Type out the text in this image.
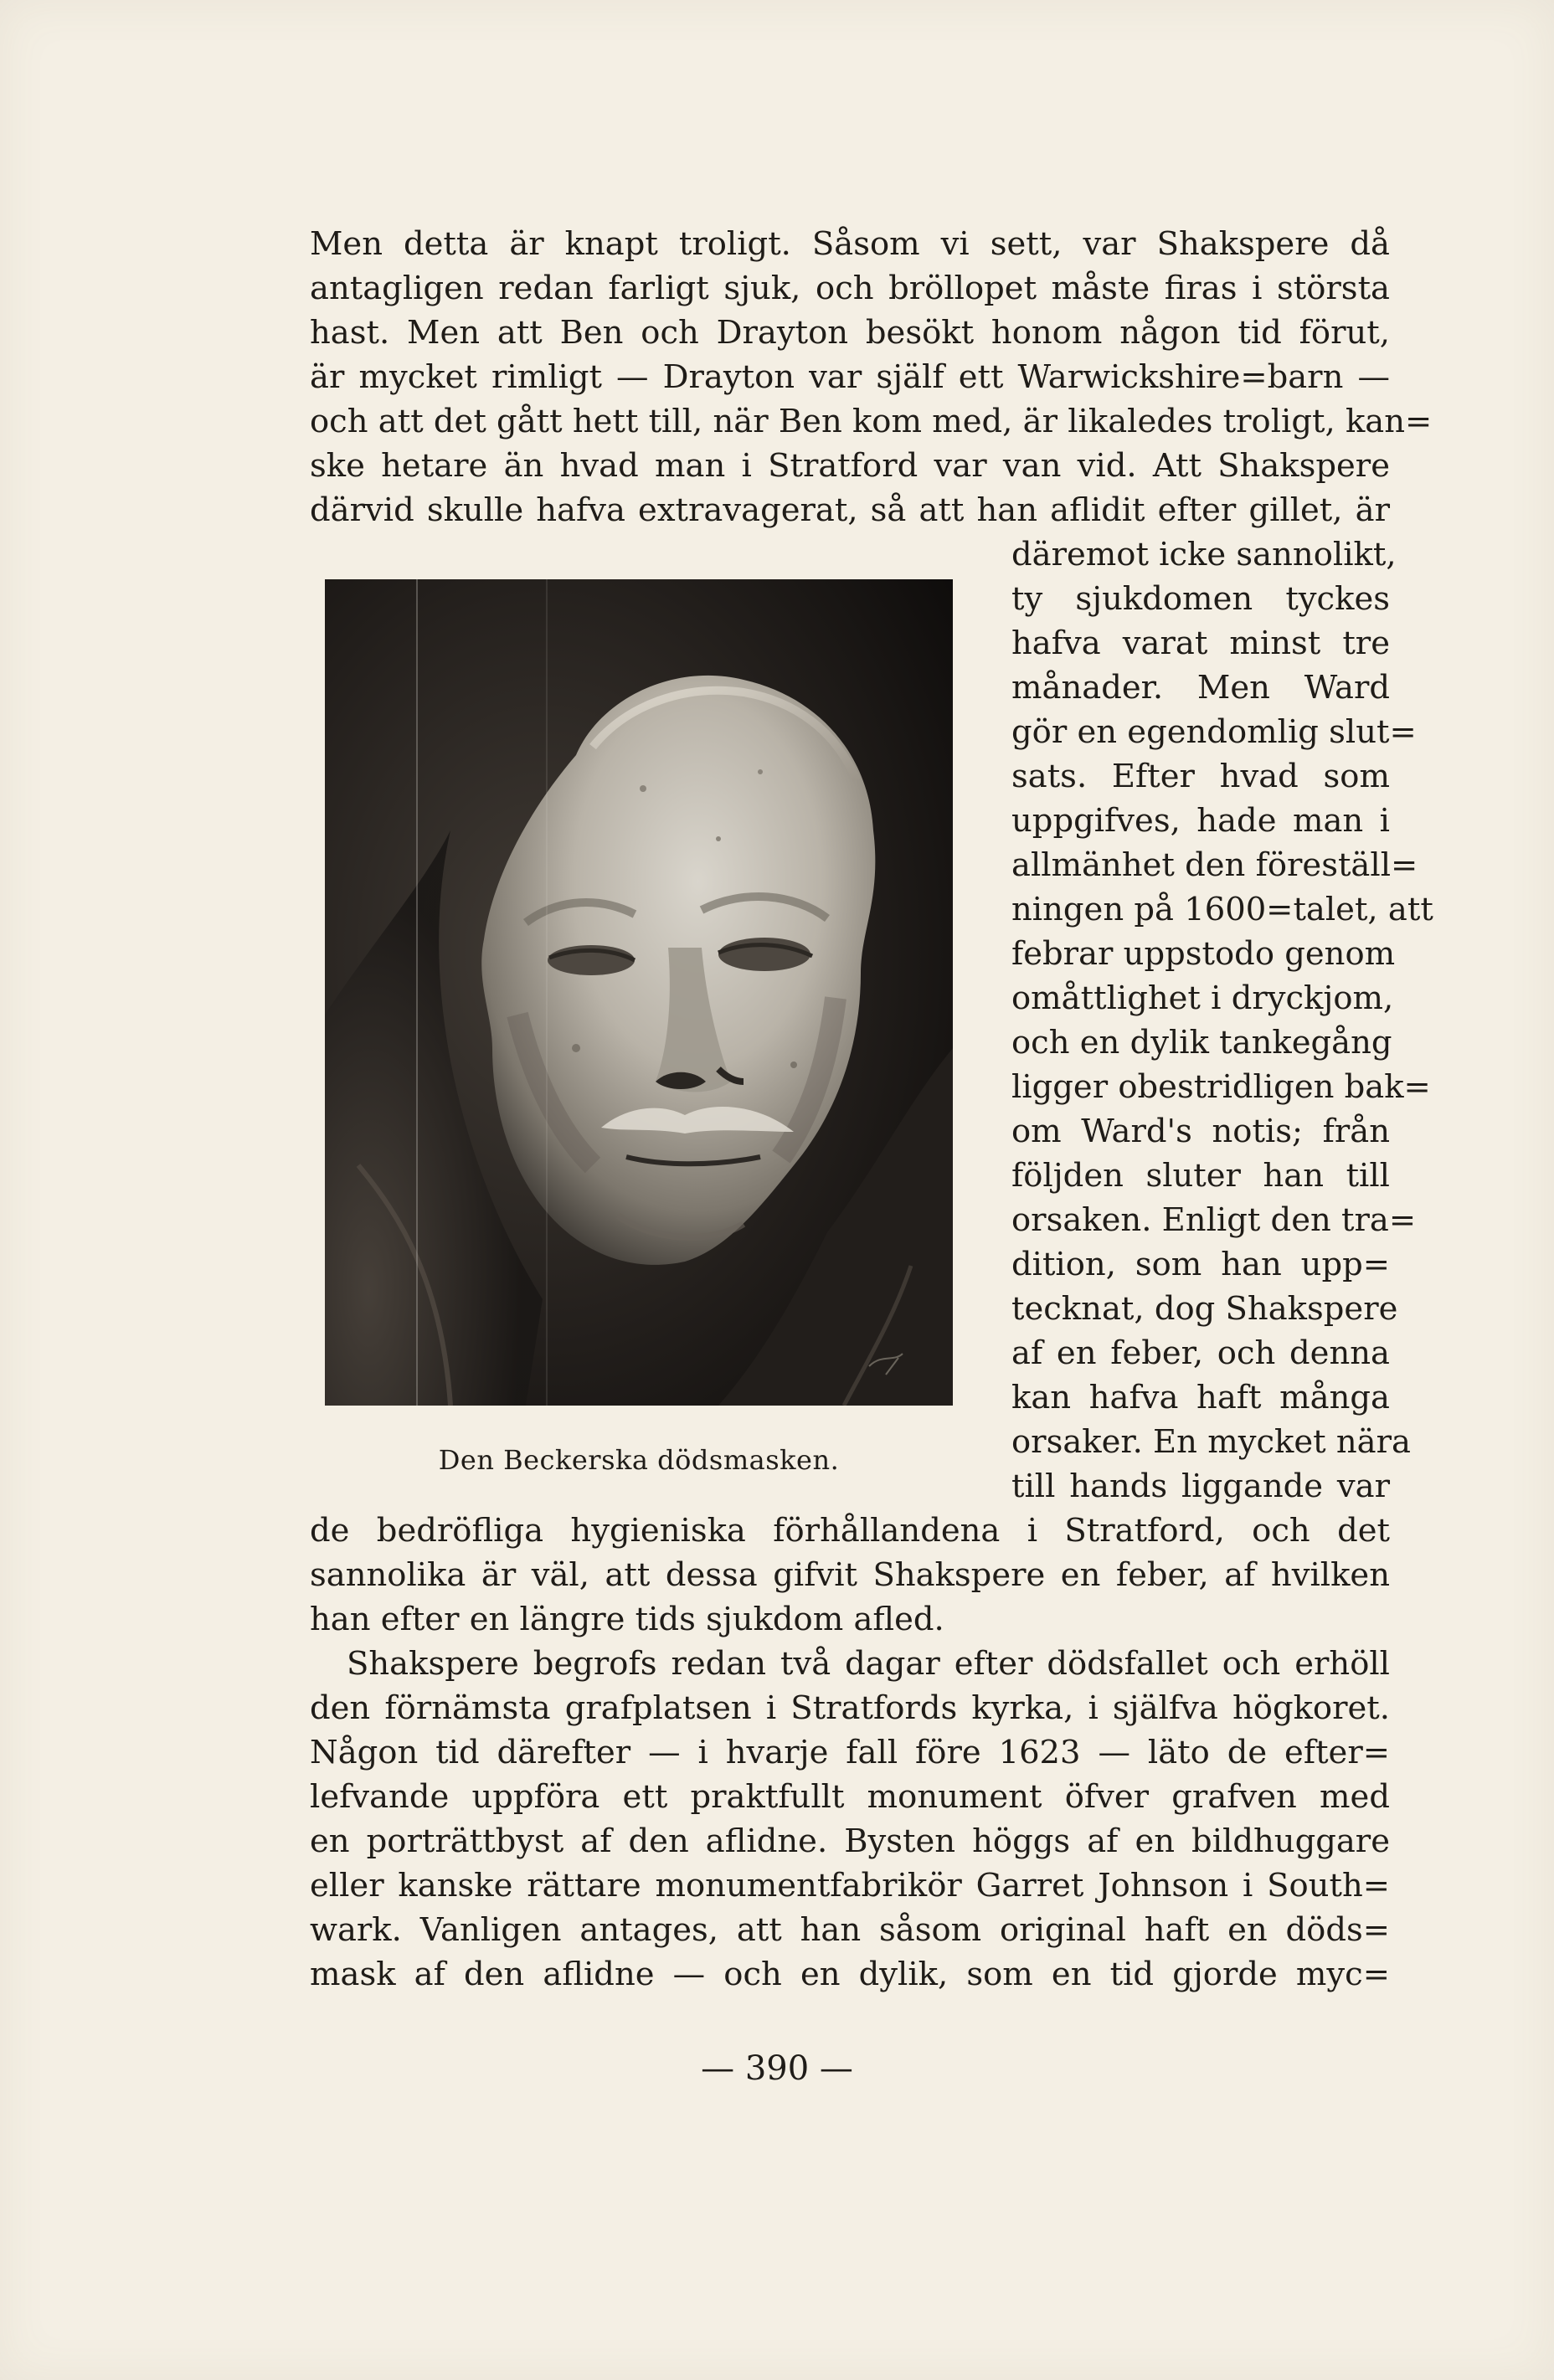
Men detta är knapt troligt. Såsom vi sett, var Shakspere då

antagligen redan farligt sjuk, och bröllopet måste firas i största

hast. Men att Ben och Drayton besökt honom någon tid förut,

är mycket rimligt — Drayton var själf ett Warwickshire=barn —

och att det gått hett till, när Ben kom med, är likaledes troligt, kan=

ske hetare än hvad man i Stratford var van vid. Att Shakspere

därvid skulle hafva extravagerat, så att han aflidit efter gillet, är

Den Beckerska dödsmasken.

däremot icke sannolikt,

ty sjukdomen tyckes

hafva varat minst tre

månader. Men Ward

gör en egendomlig slut=

sats. Efter hvad som

uppgifves, hade man i

allmänhet den föreställ=

ningen på 1600=talet, att

febrar uppstodo genom

omåttlighet i dryckjom,

och en dylik tankegång

ligger obestridligen bak=

om Ward's notis; från

följden sluter han till

orsaken. Enligt den tra=

dition, som han upp=

tecknat, dog Shakspere

af en feber, och denna

kan hafva haft många

orsaker. En mycket nära

till hands liggande var

de bedröfliga hygieniska förhållandena i Stratford, och det

sannolika är väl, att dessa gifvit Shakspere en feber, af hvilken

han efter en längre tids sjukdom afled.

Shakspere begrofs redan två dagar efter dödsfallet och erhöll

den förnämsta grafplatsen i Stratfords kyrka, i själfva högkoret.

Någon tid därefter — i hvarje fall före 1623 — läto de efter=

lefvande uppföra ett praktfullt monument öfver grafven med

en porträttbyst af den aflidne. Bysten höggs af en bildhuggare

eller kanske rättare monumentfabrikör Garret Johnson i South=

wark. Vanligen antages, att han såsom original haft en döds=

mask af den aflidne — och en dylik, som en tid gjorde myc=

— 390 —
